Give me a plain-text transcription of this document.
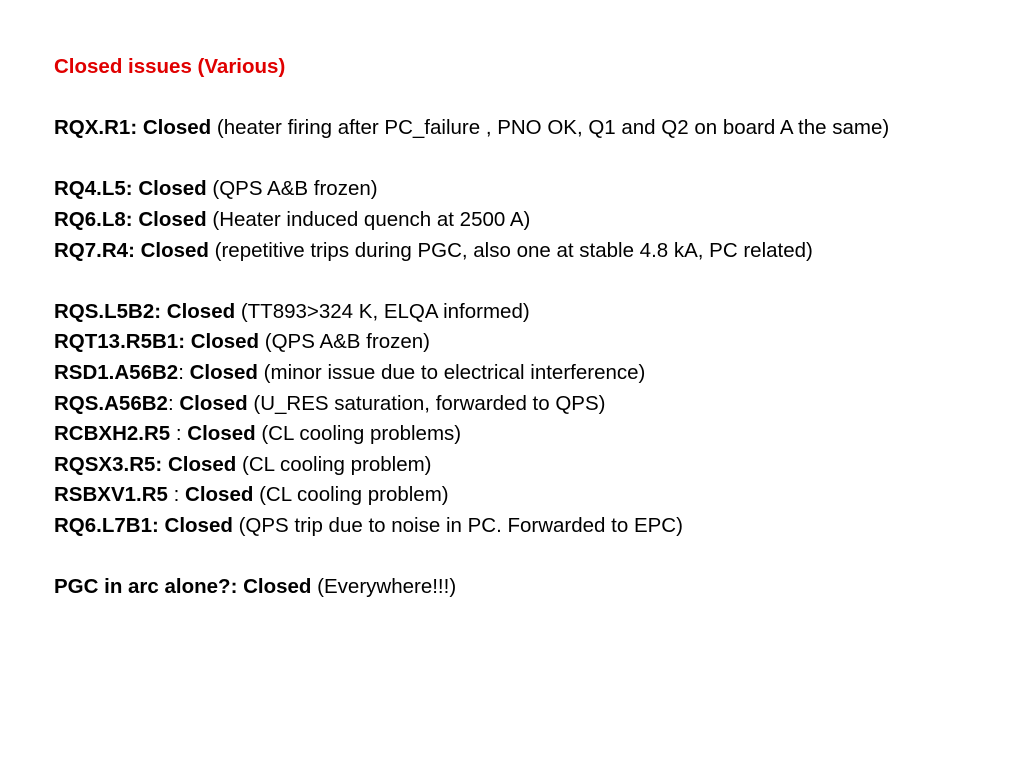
Closed issues (Various)

RQX.R1: Closed (heater firing after PC_failure , PNO OK, Q1 and Q2 on board A the same)

RQ4.L5: Closed (QPS A&B frozen)

RQ6.L8: Closed (Heater induced quench at 2500 A)

RQ7.R4: Closed (repetitive trips during PGC, also one at stable 4.8 kA, PC related)

RQS.L5B2: Closed (TT893>324 K, ELQA informed)

RQT13.R5B1: Closed (QPS A&B frozen)

RSD1.A56B2: Closed (minor issue due to electrical interference)

RQS.A56B2: Closed (U_RES saturation, forwarded to QPS)

RCBXH2.R5 : Closed (CL cooling problems)

RQSX3.R5: Closed (CL cooling problem)

RSBXV1.R5 : Closed (CL cooling problem)

RQ6.L7B1: Closed (QPS trip due to noise in PC. Forwarded to EPC)

PGC in arc alone?: Closed (Everywhere!!!)
